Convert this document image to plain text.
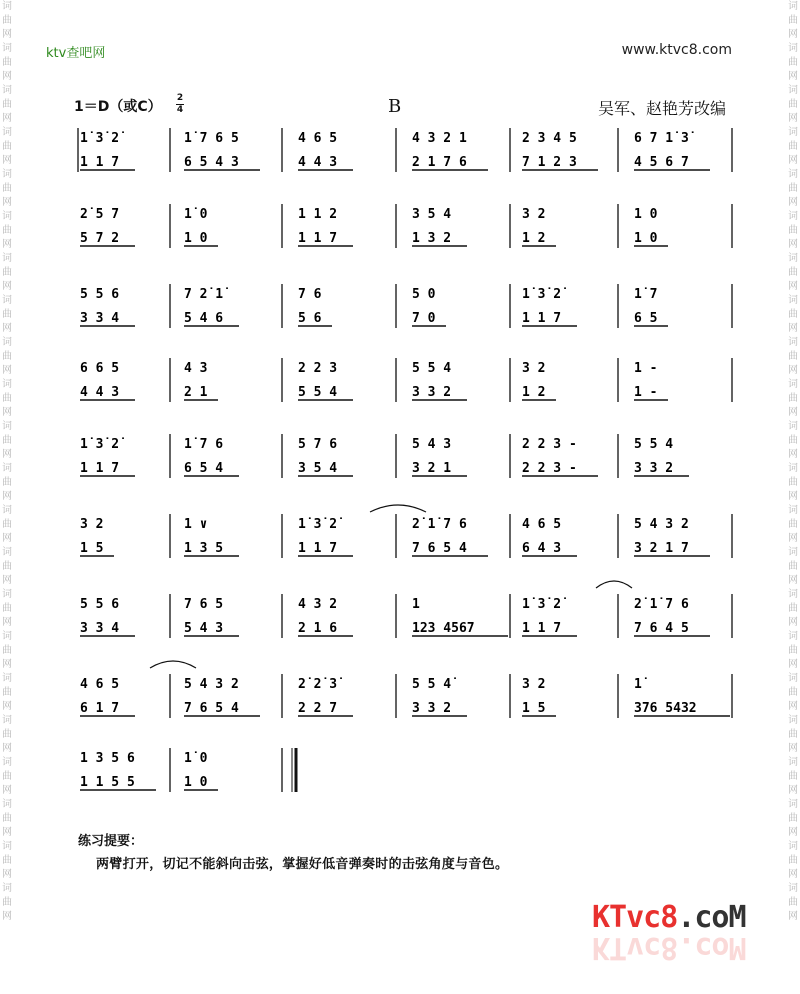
词曲网词曲网词曲网词曲网词曲网词曲网词曲网词曲网词曲网词曲网词曲网词曲网词曲网词曲网词曲网词曲网词曲网词曲网词曲网词曲网词曲网词曲网
词曲网词曲网词曲网词曲网词曲网词曲网词曲网词曲网词曲网词曲网词曲网词曲网词曲网词曲网词曲网词曲网词曲网词曲网词曲网词曲网词曲网词曲网
ktv查吧网	www.ktvc8.com
1＝D（或C）
2
4	B	吴军、赵艳芳改编
1̇ 3̇ 2̇	1̇ 7 6 5	4 6 5	4 3 2 1	2 3 4 5	6 7 1̇ 3̇
1 1 7	6 5 4 3	4 4 3	2 1 7 6	7 1 2 3	4 5 6 7
2̇ 5 7	1̇ 0	1 1 2	3 5 4	3 2	1 0
5 7 2	1 0	1 1 7	1 3 2	1 2	1 0
5 5 6	7 2̇ 1̇	7 6	5 0	1̇ 3̇ 2̇	1̇ 7
3 3 4	5 4 6	5 6	7 0	1 1 7	6 5
6 6 5	4 3	2 2 3	5 5 4	3 2	1 -
4 4 3	2 1	5 5 4	3 3 2	1 2	1 -
1̇ 3̇ 2̇	1̇ 7 6	5 7 6	5 4 3	2 2 3 -	5 5 4
1 1 7	6 5 4	3 5 4	3 2 1	2 2 3 -	3 3 2
3 2	1 ∨	1̇ 3̇ 2̇	2̇ 1̇ 7 6	4 6 5	5 4 3 2
1 5	1 3 5	1 1 7	7 6 5 4	6 4 3	3 2 1 7
5 5 6	7 6 5	4 3 2	1	1̇ 3̇ 2̇	2̇ 1̇ 7 6
3 3 4	5 4 3	2 1 6	123 4567	1 1 7	7 6 4 5
4 6 5	5 4 3 2	2̇ 2̇ 3̇	5 5 4̇	3 2	1̇
6 1 7	7 6 5 4	2 2 7	3 3 2	1 5	376 5432
1 3 5 6	1̇ 0
1 1 5 5	1 0
练习提要：
两臂打开，切记不能斜向击弦，掌握好低音弹奏时的击弦角度与音色。
KTvc8.coM
KTvc8.coM
